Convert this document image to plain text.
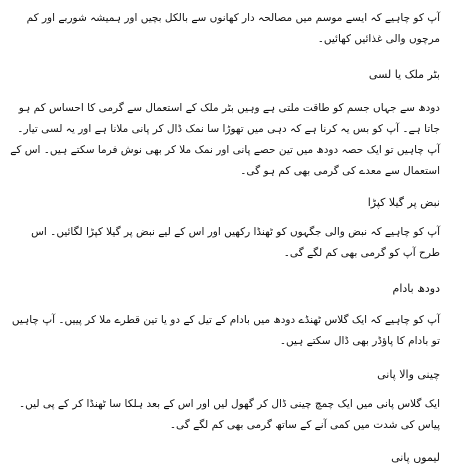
آپ کو چاہیے کہ ایسے موسم میں مصالحہ دار کھانوں سے بالکل بچیں اور ہمیشہ شوربے اور کم مرچوں والی غذائیں کھائیں۔

بٹر ملک یا لسی

دودھ سے جہاں جسم کو طاقت ملتی ہے وہیں بٹر ملک کے استعمال سے گرمی کا احساس کم ہو جاتا ہے۔ آپ کو بس یہ کرنا ہے کہ دہی میں تھوڑا سا نمک ڈال کر پانی ملانا ہے اور یہ لسی تیار۔ آپ چاہیں تو ایک حصہ دودھ میں تین حصے پانی اور نمک ملا کر بھی نوش فرما سکتے ہیں۔ اس کے استعمال سے معدے کی گرمی بھی کم ہو گی۔

نبض پر گیلا کپڑا

آپ کو چاہیے کہ نبض والی جگہوں کو ٹھنڈا رکھیں اور اس کے لیے نبض پر گیلا کپڑا لگائیں۔ اس طرح آپ کو گرمی بھی کم لگے گی۔

دودھ بادام

آپ کو چاہیے کہ ایک گلاس ٹھنڈے دودھ میں بادام کے تیل کے دو یا تین قطرے ملا کر پییں۔ آپ چاہیں تو بادام کا پاؤڈر بھی ڈال سکتے ہیں۔

چینی والا پانی

ایک گلاس پانی میں ایک چمچ چینی ڈال کر گھول لیں اور اس کے بعد ہلکا سا ٹھنڈا کر کے پی لیں۔ پیاس کی شدت میں کمی آنے کے ساتھ گرمی بھی کم لگے گی۔

لیموں پانی
